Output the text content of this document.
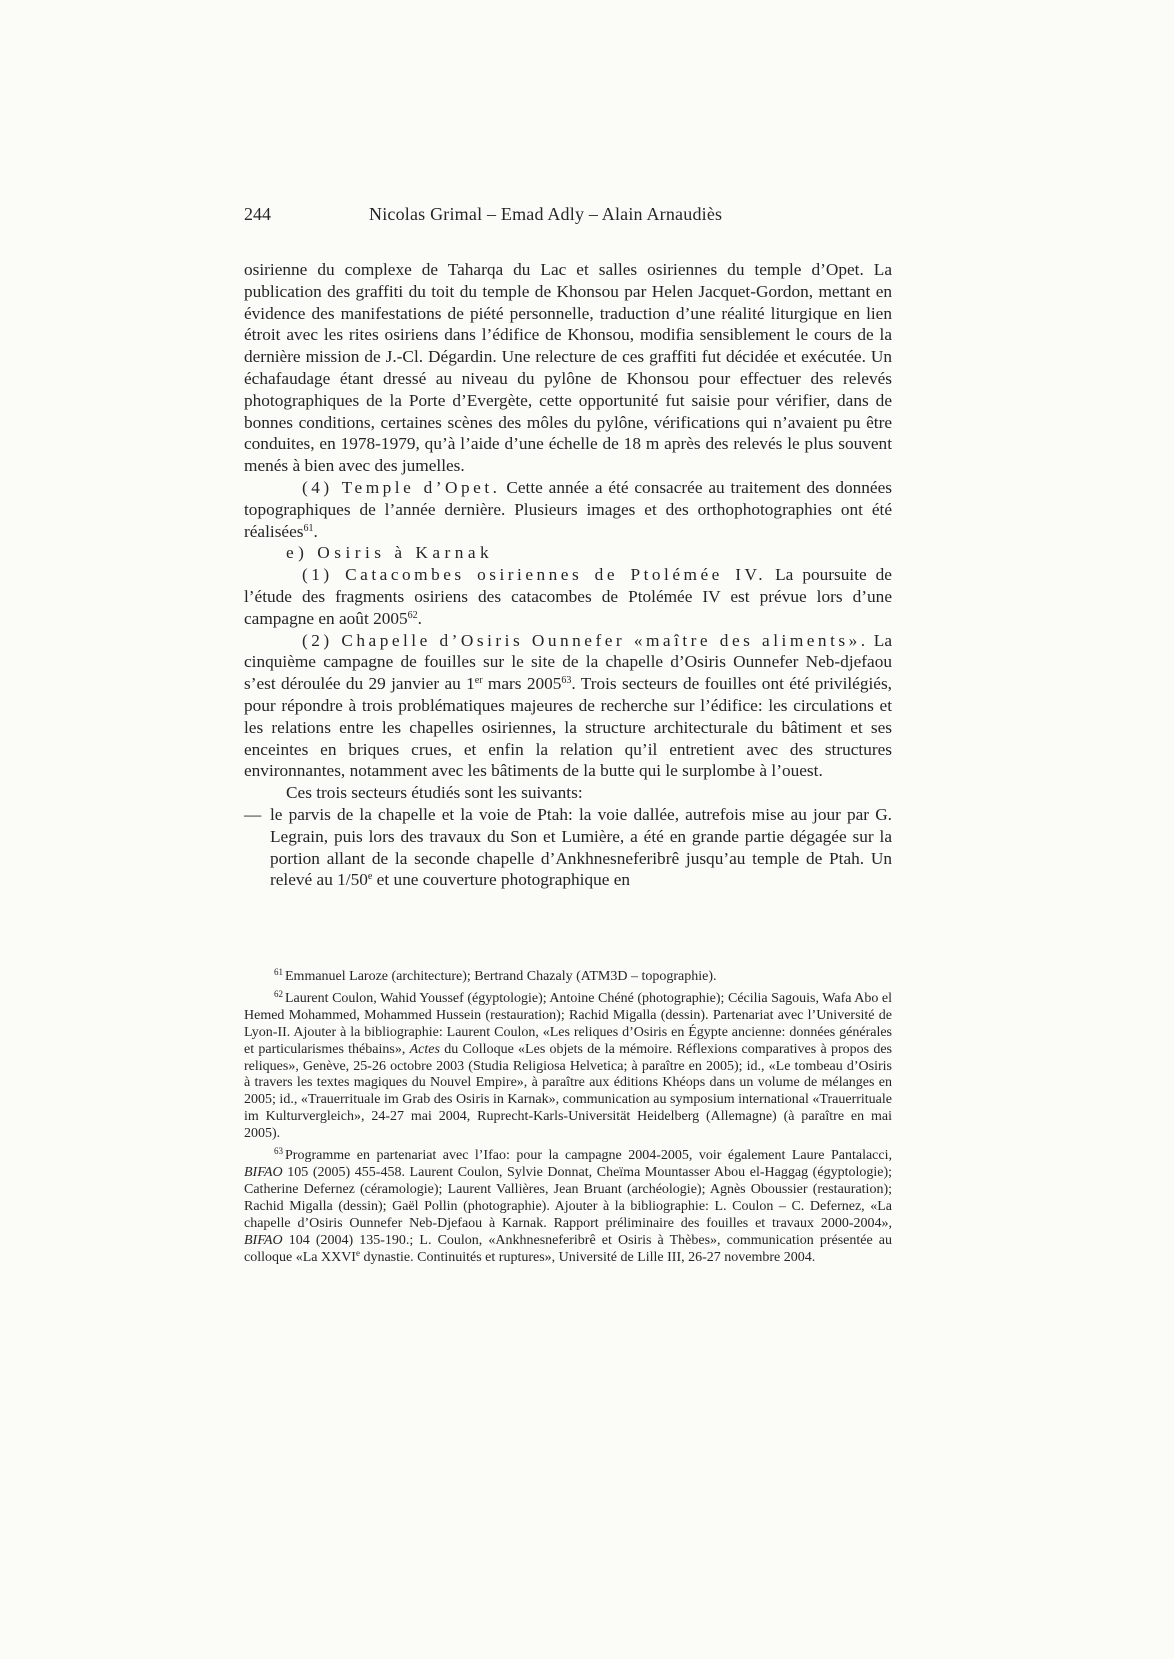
244	Nicolas Grimal – Emad Adly – Alain Arnaudiès

osirienne du complexe de Taharqa du Lac et salles osiriennes du temple d’Opet. La publication des graffiti du toit du temple de Khonsou par Helen Jacquet-Gordon, mettant en évidence des manifestations de piété personnelle, traduction d’une réalité liturgique en lien étroit avec les rites osiriens dans l’édifice de Khonsou, modifia sensiblement le cours de la dernière mission de J.-Cl. Dégardin. Une relecture de ces graffiti fut décidée et exécutée. Un échafaudage étant dressé au niveau du pylône de Khonsou pour effectuer des relevés photographiques de la Porte d’Evergète, cette opportunité fut saisie pour vérifier, dans de bonnes conditions, certaines scènes des môles du pylône, vérifications qui n’avaient pu être conduites, en 1978-1979, qu’à l’aide d’une échelle de 18 m après des relevés le plus souvent menés à bien avec des jumelles.

(4) Temple d’Opet. Cette année a été consacrée au traitement des données topographiques de l’année dernière. Plusieurs images et des orthophotographies ont été réalisées$^{61}$.

e) Osiris à Karnak

(1) Catacombes osiriennes de Ptolémée IV. La poursuite de l’étude des fragments osiriens des catacombes de Ptolémée IV est prévue lors d’une campagne en août 2005$^{62}$.

(2) Chapelle d’Osiris Ounnefer «maître des aliments». La cinquième campagne de fouilles sur le site de la chapelle d’Osiris Ounnefer Neb-djefaou s’est déroulée du 29 janvier au 1er mars 2005$^{63}$. Trois secteurs de fouilles ont été privilégiés, pour répondre à trois problématiques majeures de recherche sur l’édifice: les circulations et les relations entre les chapelles osiriennes, la structure architecturale du bâtiment et ses enceintes en briques crues, et enfin la relation qu’il entretient avec des structures environnantes, notamment avec les bâtiments de la butte qui le surplombe à l’ouest.

Ces trois secteurs étudiés sont les suivants:

— le parvis de la chapelle et la voie de Ptah: la voie dallée, autrefois mise au jour par G. Legrain, puis lors des travaux du Son et Lumière, a été en grande partie dégagée sur la portion allant de la seconde chapelle d’Ankhnesneferibrê jusqu’au temple de Ptah. Un relevé au 1/50e et une couverture photographique en

$^{61}$ Emmanuel Laroze (architecture); Bertrand Chazaly (ATM3D – topographie).

$^{62}$ Laurent Coulon, Wahid Youssef (égyptologie); Antoine Chéné (photographie); Cécilia Sagouis, Wafa Abo el Hemed Mohammed, Mohammed Hussein (restauration); Rachid Migalla (dessin). Partenariat avec l’Université de Lyon-II. Ajouter à la bibliographie: Laurent Coulon, «Les reliques d’Osiris en Égypte ancienne: données générales et particularismes thébains», Actes du Colloque «Les objets de la mémoire. Réflexions comparatives à propos des reliques», Genève, 25-26 octobre 2003 (Studia Religiosa Helvetica; à paraître en 2005); id., «Le tombeau d’Osiris à travers les textes magiques du Nouvel Empire», à paraître aux éditions Khéops dans un volume de mélanges en 2005; id., «Trauerrituale im Grab des Osiris in Karnak», communication au symposium international «Trauerrituale im Kulturvergleich», 24-27 mai 2004, Ruprecht-Karls-Universität Heidelberg (Allemagne) (à paraître en mai 2005).

$^{63}$ Programme en partenariat avec l’Ifao: pour la campagne 2004-2005, voir également Laure Pantalacci, BIFAO 105 (2005) 455-458. Laurent Coulon, Sylvie Donnat, Cheïma Mountasser Abou el-Haggag (égyptologie); Catherine Defernez (céramologie); Laurent Vallières, Jean Bruant (archéologie); Agnès Oboussier (restauration); Rachid Migalla (dessin); Gaël Pollin (photographie). Ajouter à la bibliographie: L. Coulon – C. Defernez, «La chapelle d’Osiris Ounnefer Neb-Djefaou à Karnak. Rapport préliminaire des fouilles et travaux 2000-2004», BIFAO 104 (2004) 135-190.; L. Coulon, «Ankhnesneferibrê et Osiris à Thèbes», communication présentée au colloque «La XXVIe dynastie. Continuités et ruptures», Université de Lille III, 26-27 novembre 2004.
